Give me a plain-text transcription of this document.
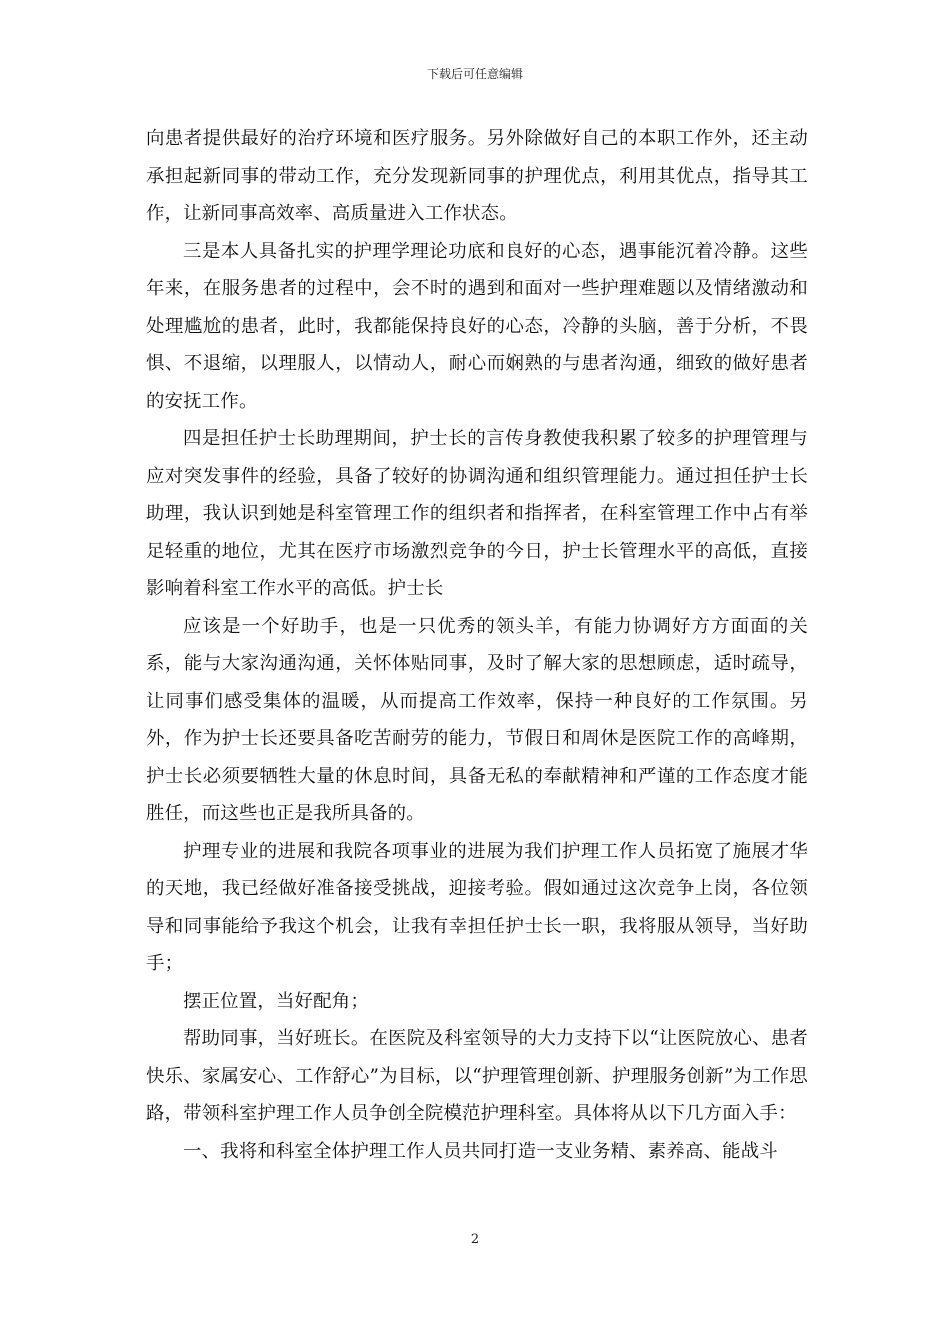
下载后可任意编辑

向患者提供最好的治疗环境和医疗服务。另外除做好自己的本职工作外，还主动承担起新同事的带动工作，充分发现新同事的护理优点，利用其优点，指导其工作，让新同事高效率、高质量进入工作状态。

三是本人具备扎实的护理学理论功底和良好的心态，遇事能沉着冷静。这些年来，在服务患者的过程中，会不时的遇到和面对一些护理难题以及情绪激动和处理尴尬的患者，此时，我都能保持良好的心态，冷静的头脑，善于分析，不畏惧、不退缩，以理服人，以情动人，耐心而娴熟的与患者沟通，细致的做好患者的安抚工作。

四是担任护士长助理期间，护士长的言传身教使我积累了较多的护理管理与应对突发事件的经验，具备了较好的协调沟通和组织管理能力。通过担任护士长助理，我认识到她是科室管理工作的组织者和指挥者，在科室管理工作中占有举足轻重的地位，尤其在医疗市场激烈竞争的今日，护士长管理水平的高低，直接影响着科室工作水平的高低。护士长

应该是一个好助手，也是一只优秀的领头羊，有能力协调好方方面面的关系，能与大家沟通沟通，关怀体贴同事，及时了解大家的思想顾虑，适时疏导，让同事们感受集体的温暖，从而提高工作效率，保持一种良好的工作氛围。另外，作为护士长还要具备吃苦耐劳的能力，节假日和周休是医院工作的高峰期，护士长必须要牺牲大量的休息时间，具备无私的奉献精神和严谨的工作态度才能胜任，而这些也正是我所具备的。

护理专业的进展和我院各项事业的进展为我们护理工作人员拓宽了施展才华的天地，我已经做好准备接受挑战，迎接考验。假如通过这次竞争上岗，各位领导和同事能给予我这个机会，让我有幸担任护士长一职，我将服从领导，当好助手；

摆正位置，当好配角；

帮助同事，当好班长。在医院及科室领导的大力支持下以“让医院放心、患者快乐、家属安心、工作舒心”为目标，以“护理管理创新、护理服务创新”为工作思路，带领科室护理工作人员争创全院模范护理科室。具体将从以下几方面入手：

一、我将和科室全体护理工作人员共同打造一支业务精、素养高、能战斗

2
